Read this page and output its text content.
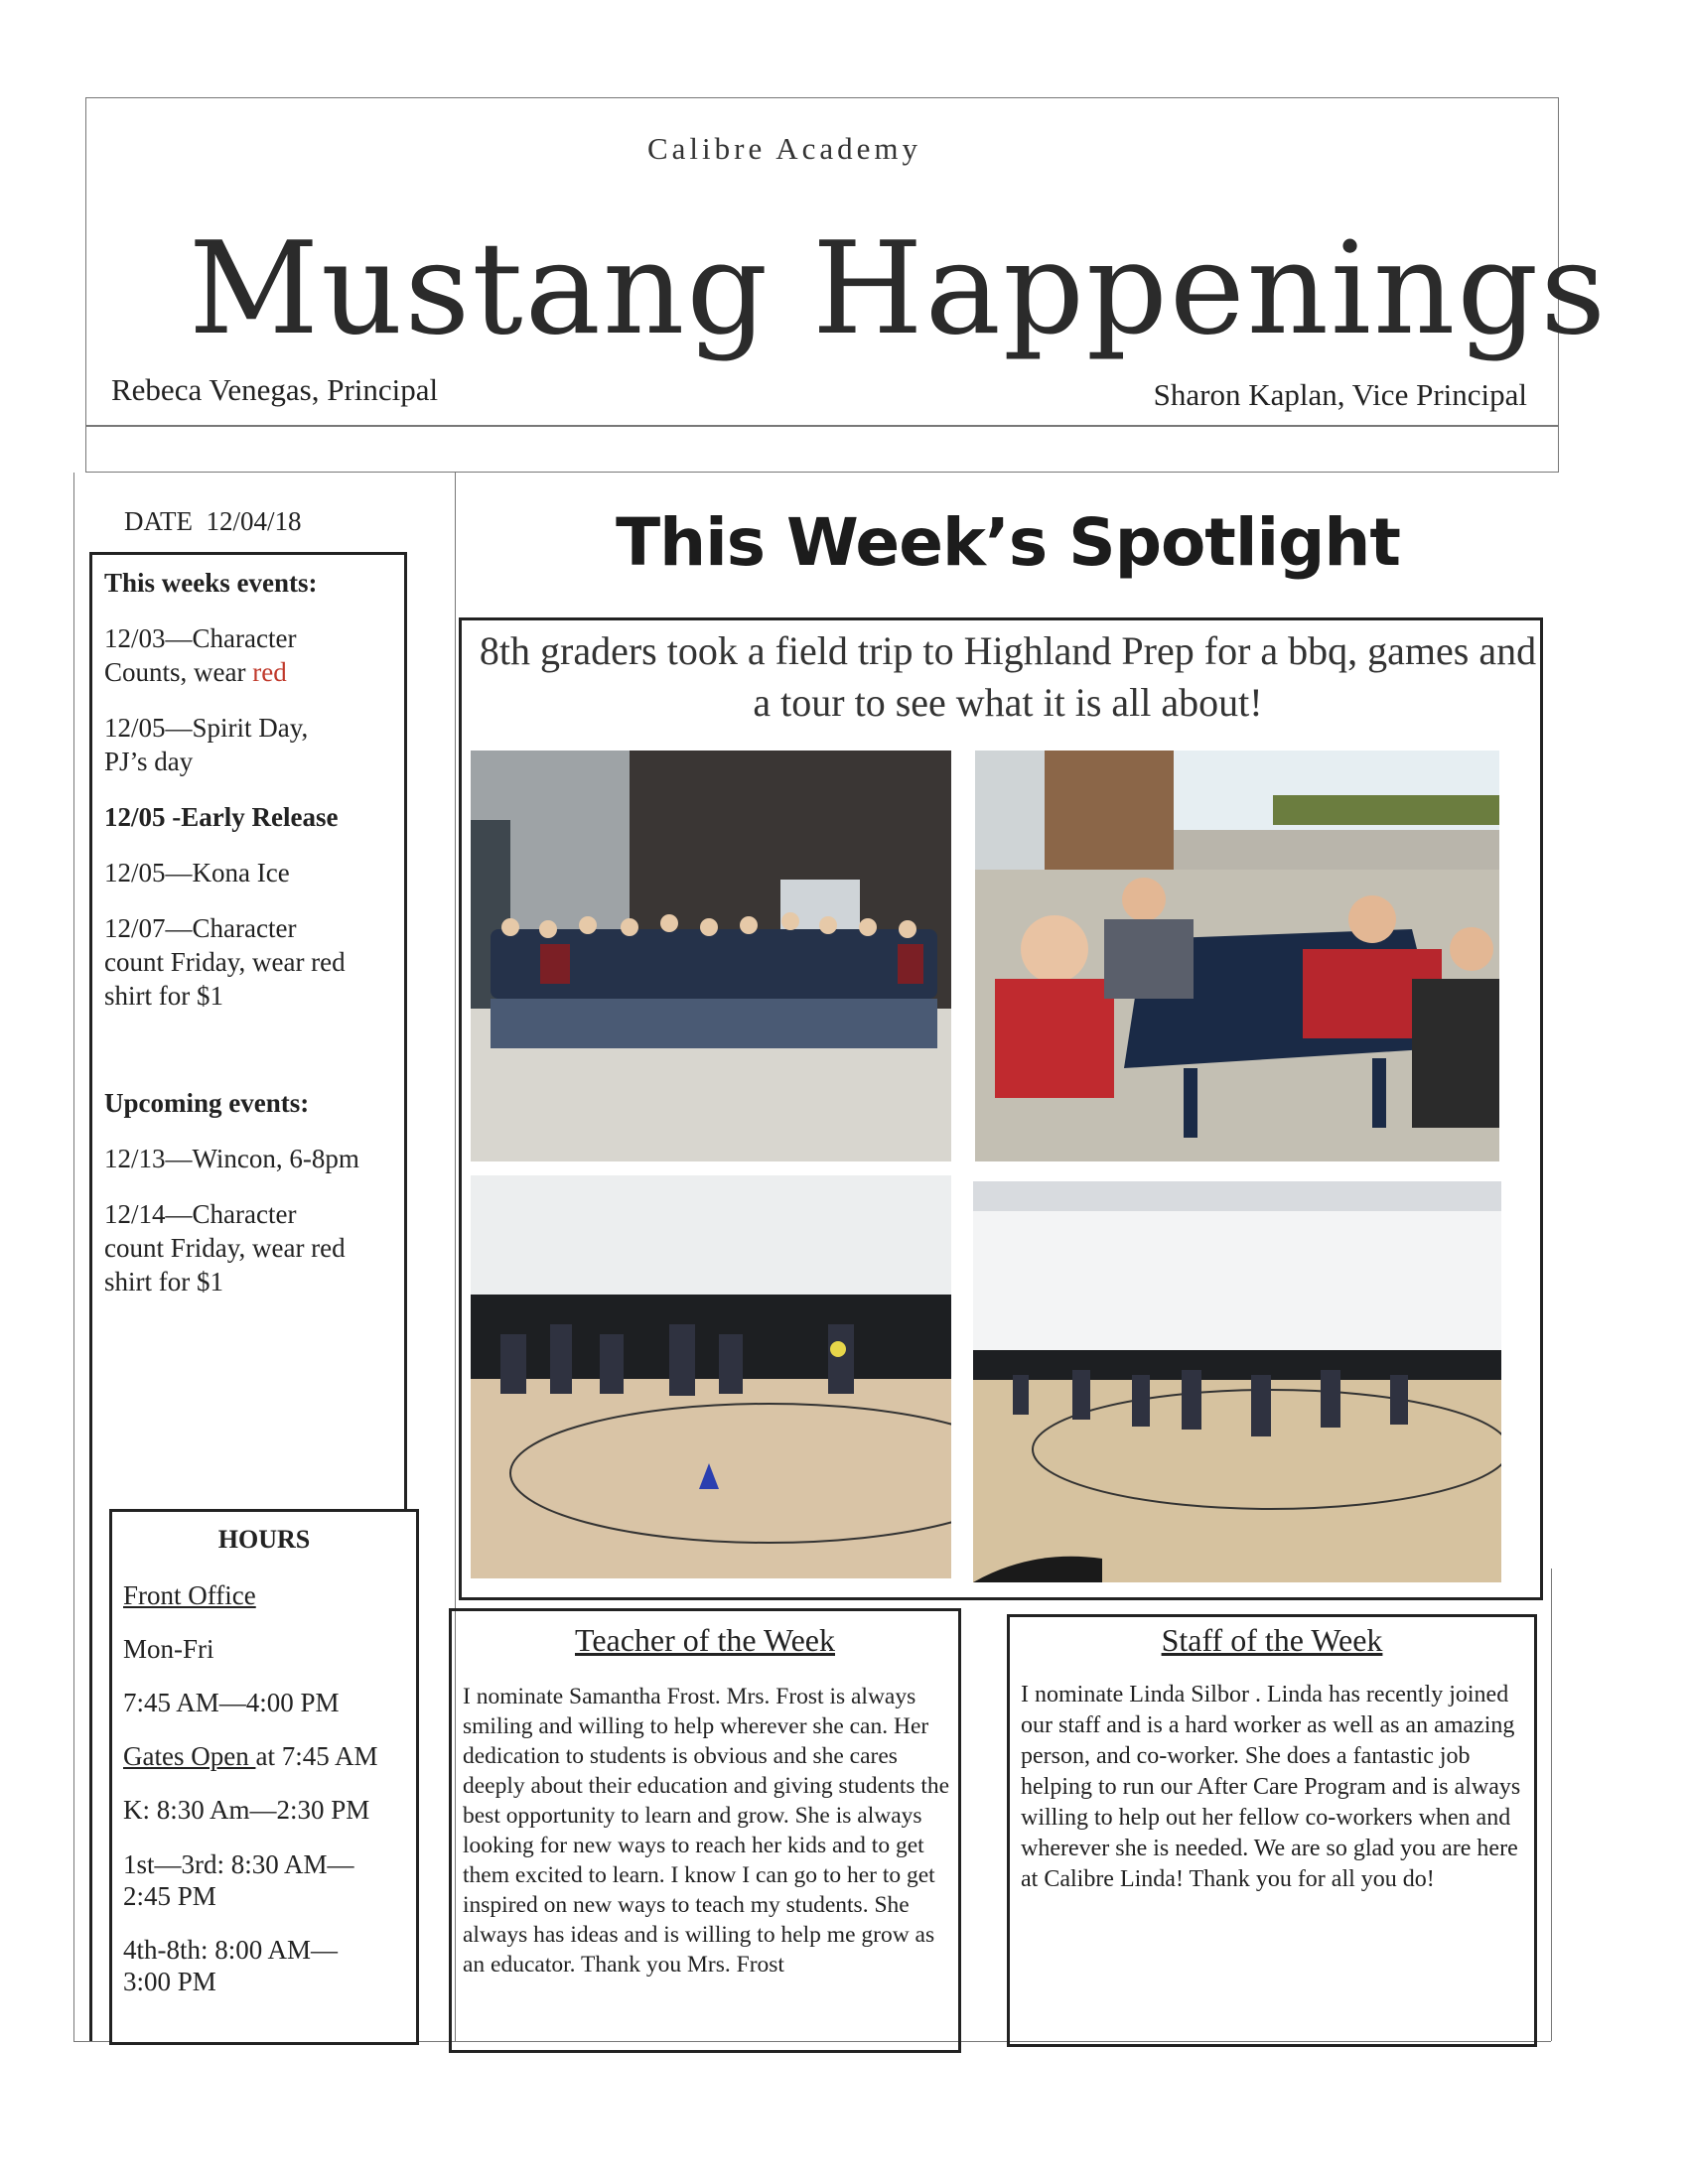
Calibre Academy
Mustang Happenings
Rebeca Venegas, Principal	Sharon Kaplan, Vice Principal
DATE 12/04/18
This weeks events:
12/03—Character
Counts, wear red
12/05—Spirit Day,
PJ’s day
12/05 -Early Release
12/05—Kona Ice
12/07—Character
count Friday, wear red
shirt for $1
Upcoming events:
12/13—Wincon, 6-8pm
12/14—Character
count Friday, wear red
shirt for $1
HOURS
Front Office
Mon-Fri
7:45 AM—4:00 PM
Gates Open at 7:45 AM
K: 8:30 Am—2:30 PM
1st—3rd: 8:30 AM—
2:45 PM
4th-8th: 8:00 AM—
3:00 PM
This Week’s Spotlight
8th graders took a field trip to Highland Prep for a bbq, games and a tour to see what it is all about!
Teacher of the Week
I nominate Samantha Frost. Mrs. Frost is always smiling and willing to help wherever she can. Her dedication to students is obvious and she cares deeply about their education and giving students the best opportunity to learn and grow. She is always looking for new ways to reach her kids and to get them excited to learn. I know I can go to her to get inspired on new ways to teach my students. She always has ideas and is willing to help me grow as an educator. Thank you Mrs. Frost
Staff of the Week
I nominate Linda Silbor . Linda has recently joined our staff and is a hard worker as well as an amazing person, and co-worker. She does a fantastic job helping to run our After Care Program and is always willing to help out her fellow co-workers when and wherever she is needed. We are so glad you are here at Calibre Linda! Thank you for all you do!
